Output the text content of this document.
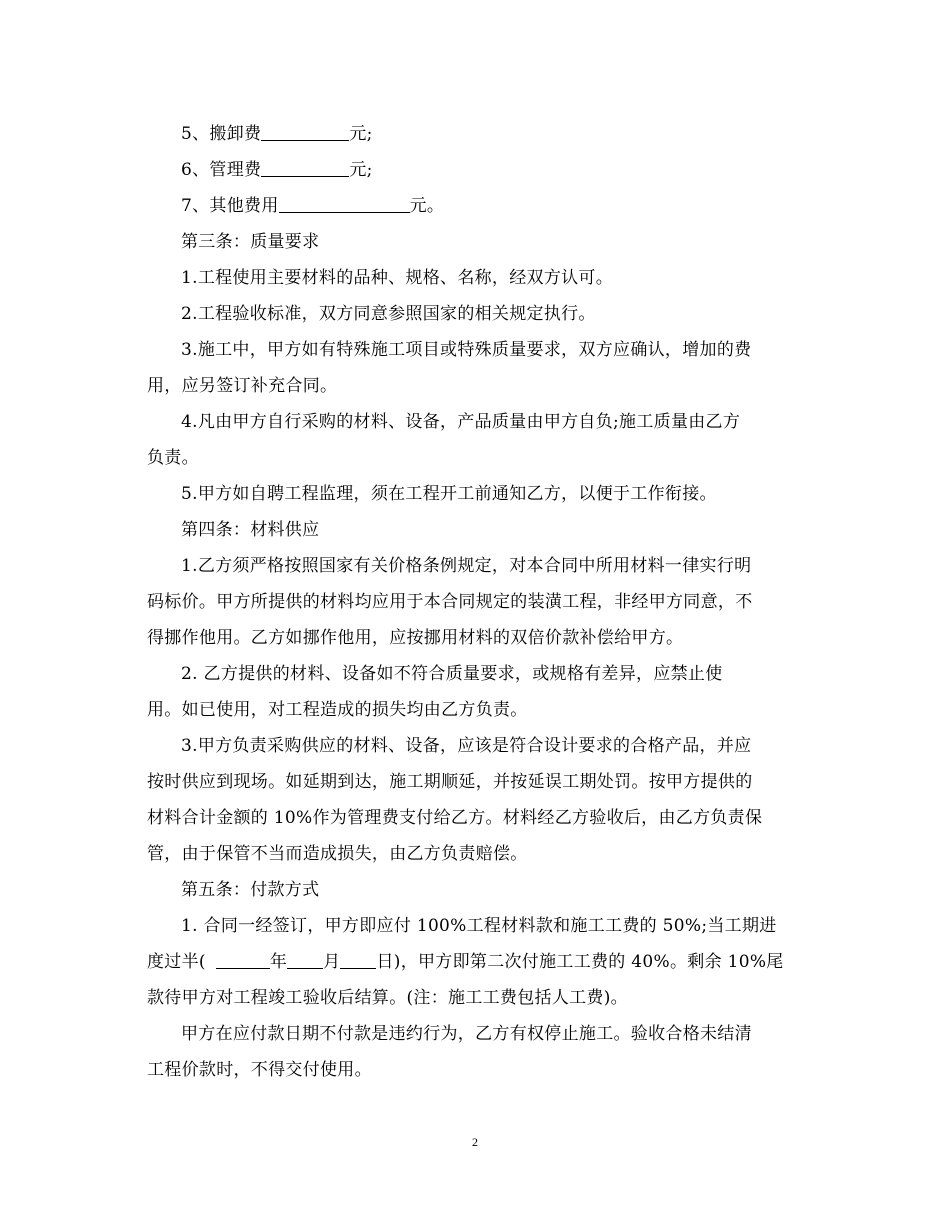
5、搬卸费	元;

6、管理费	元;

7、其他费用	元。

第三条：质量要求

1.工程使用主要材料的品种、规格、名称，经双方认可。

2.工程验收标准，双方同意参照国家的相关规定执行。

3.施工中，甲方如有特殊施工项目或特殊质量要求，双方应确认，增加的费

用，应另签订补充合同。

4.凡由甲方自行采购的材料、设备，产品质量由甲方自负;施工质量由乙方

负责。

5.甲方如自聘工程监理，须在工程开工前通知乙方，以便于工作衔接。

第四条：材料供应

1.乙方须严格按照国家有关价格条例规定，对本合同中所用材料一律实行明

码标价。甲方所提供的材料均应用于本合同规定的装潢工程，非经甲方同意，不

得挪作他用。乙方如挪作他用，应按挪用材料的双倍价款补偿给甲方。

2. 乙方提供的材料、设备如不符合质量要求，或规格有差异，应禁止使

用。如已使用，对工程造成的损失均由乙方负责。

3.甲方负责采购供应的材料、设备，应该是符合设计要求的合格产品，并应

按时供应到现场。如延期到达，施工期顺延，并按延误工期处罚。按甲方提供的

材料合计金额的 10%作为管理费支付给乙方。材料经乙方验收后，由乙方负责保

管，由于保管不当而造成损失，由乙方负责赔偿。

第五条：付款方式

1. 合同一经签订，甲方即应付 100%工程材料款和施工工费的 50%;当工期进

度过半(	年 月 日)，甲方即第二次付施工工费的 40%。剩余 10%尾

款待甲方对工程竣工验收后结算。(注：施工工费包括人工费)。

甲方在应付款日期不付款是违约行为，乙方有权停止施工。验收合格未结清

工程价款时，不得交付使用。

2
